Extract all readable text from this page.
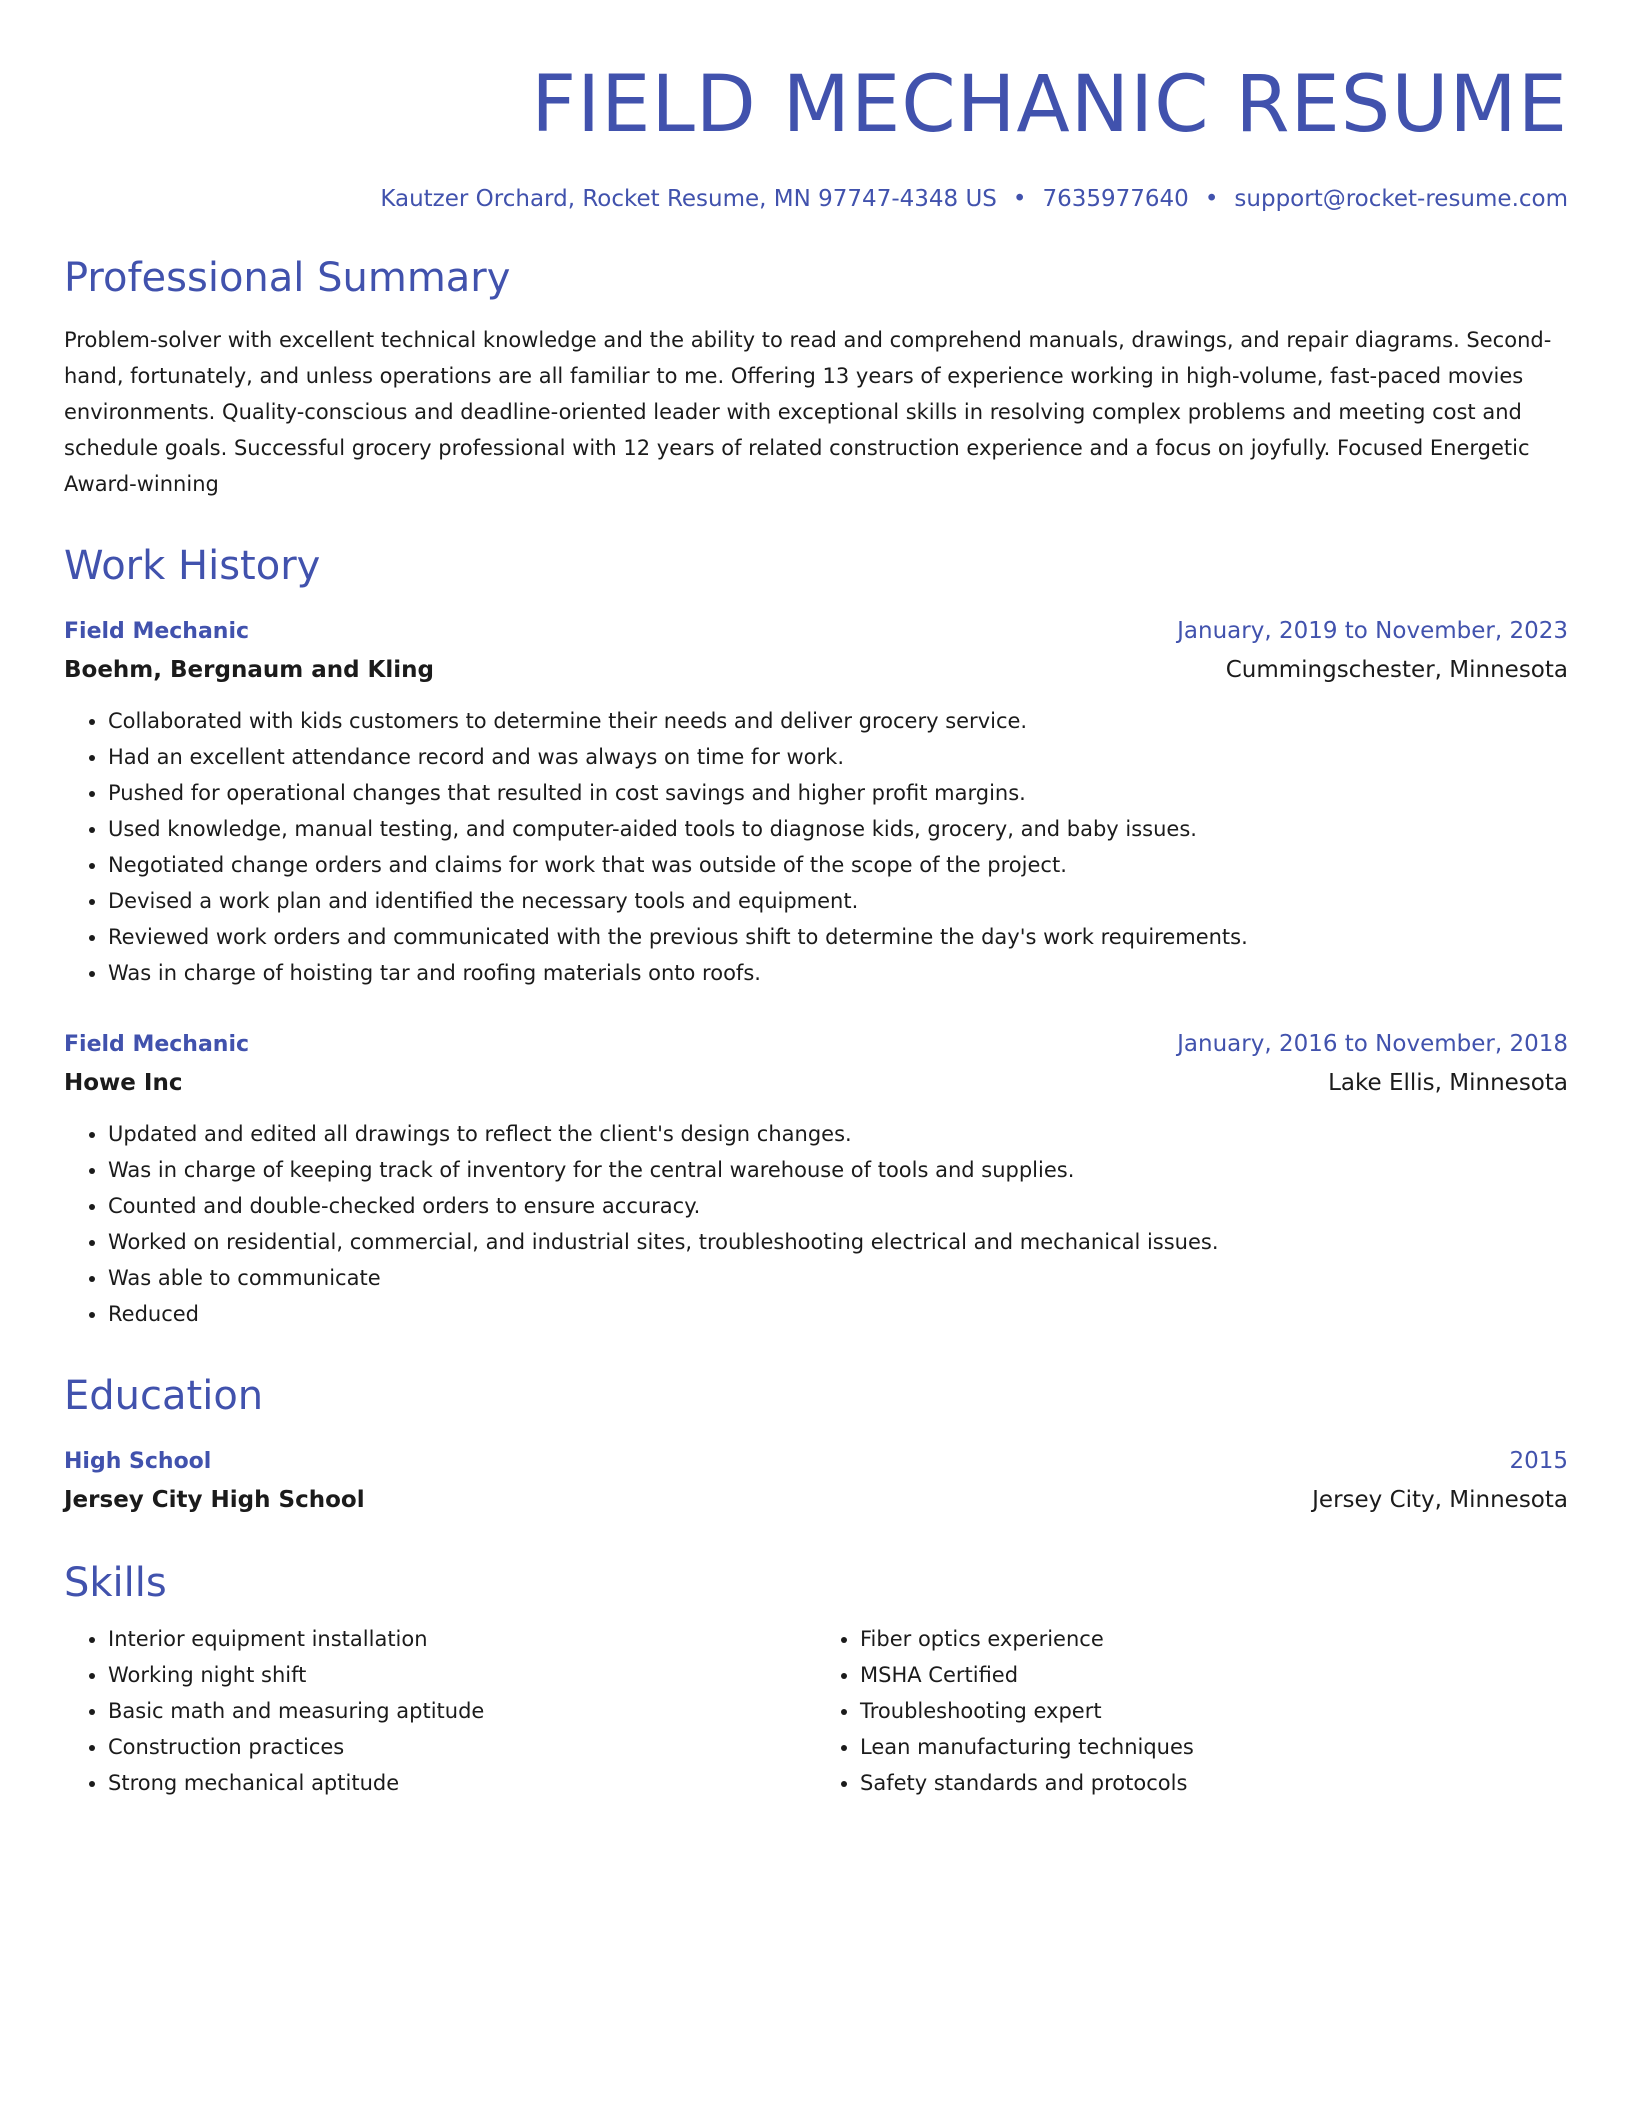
FIELD MECHANIC RESUME
Kautzer Orchard, Rocket Resume, MN 97747-4348 US • 7635977640 • support@rocket-resume.com
Professional Summary
Problem-solver with excellent technical knowledge and the ability to read and comprehend manuals, drawings, and repair diagrams. Second-hand, fortunately, and unless operations are all familiar to me. Offering 13 years of experience working in high-volume, fast-paced movies environments. Quality-conscious and deadline-oriented leader with exceptional skills in resolving complex problems and meeting cost and schedule goals. Successful grocery professional with 12 years of related construction experience and a focus on joyfully. Focused Energetic Award-winning
Work History
Field Mechanic	January, 2019 to November, 2023
Boehm, Bergnaum and Kling	Cummingschester, Minnesota
• Collaborated with kids customers to determine their needs and deliver grocery service.
• Had an excellent attendance record and was always on time for work.
• Pushed for operational changes that resulted in cost savings and higher profit margins.
• Used knowledge, manual testing, and computer-aided tools to diagnose kids, grocery, and baby issues.
• Negotiated change orders and claims for work that was outside of the scope of the project.
• Devised a work plan and identified the necessary tools and equipment.
• Reviewed work orders and communicated with the previous shift to determine the day's work requirements.
• Was in charge of hoisting tar and roofing materials onto roofs.
Field Mechanic	January, 2016 to November, 2018
Howe Inc	Lake Ellis, Minnesota
• Updated and edited all drawings to reflect the client's design changes.
• Was in charge of keeping track of inventory for the central warehouse of tools and supplies.
• Counted and double-checked orders to ensure accuracy.
• Worked on residential, commercial, and industrial sites, troubleshooting electrical and mechanical issues.
• Was able to communicate
• Reduced
Education
High School	2015
Jersey City High School	Jersey City, Minnesota
Skills
• Interior equipment installation
• Working night shift
• Basic math and measuring aptitude
• Construction practices
• Strong mechanical aptitude
• Fiber optics experience
• MSHA Certified
• Troubleshooting expert
• Lean manufacturing techniques
• Safety standards and protocols
